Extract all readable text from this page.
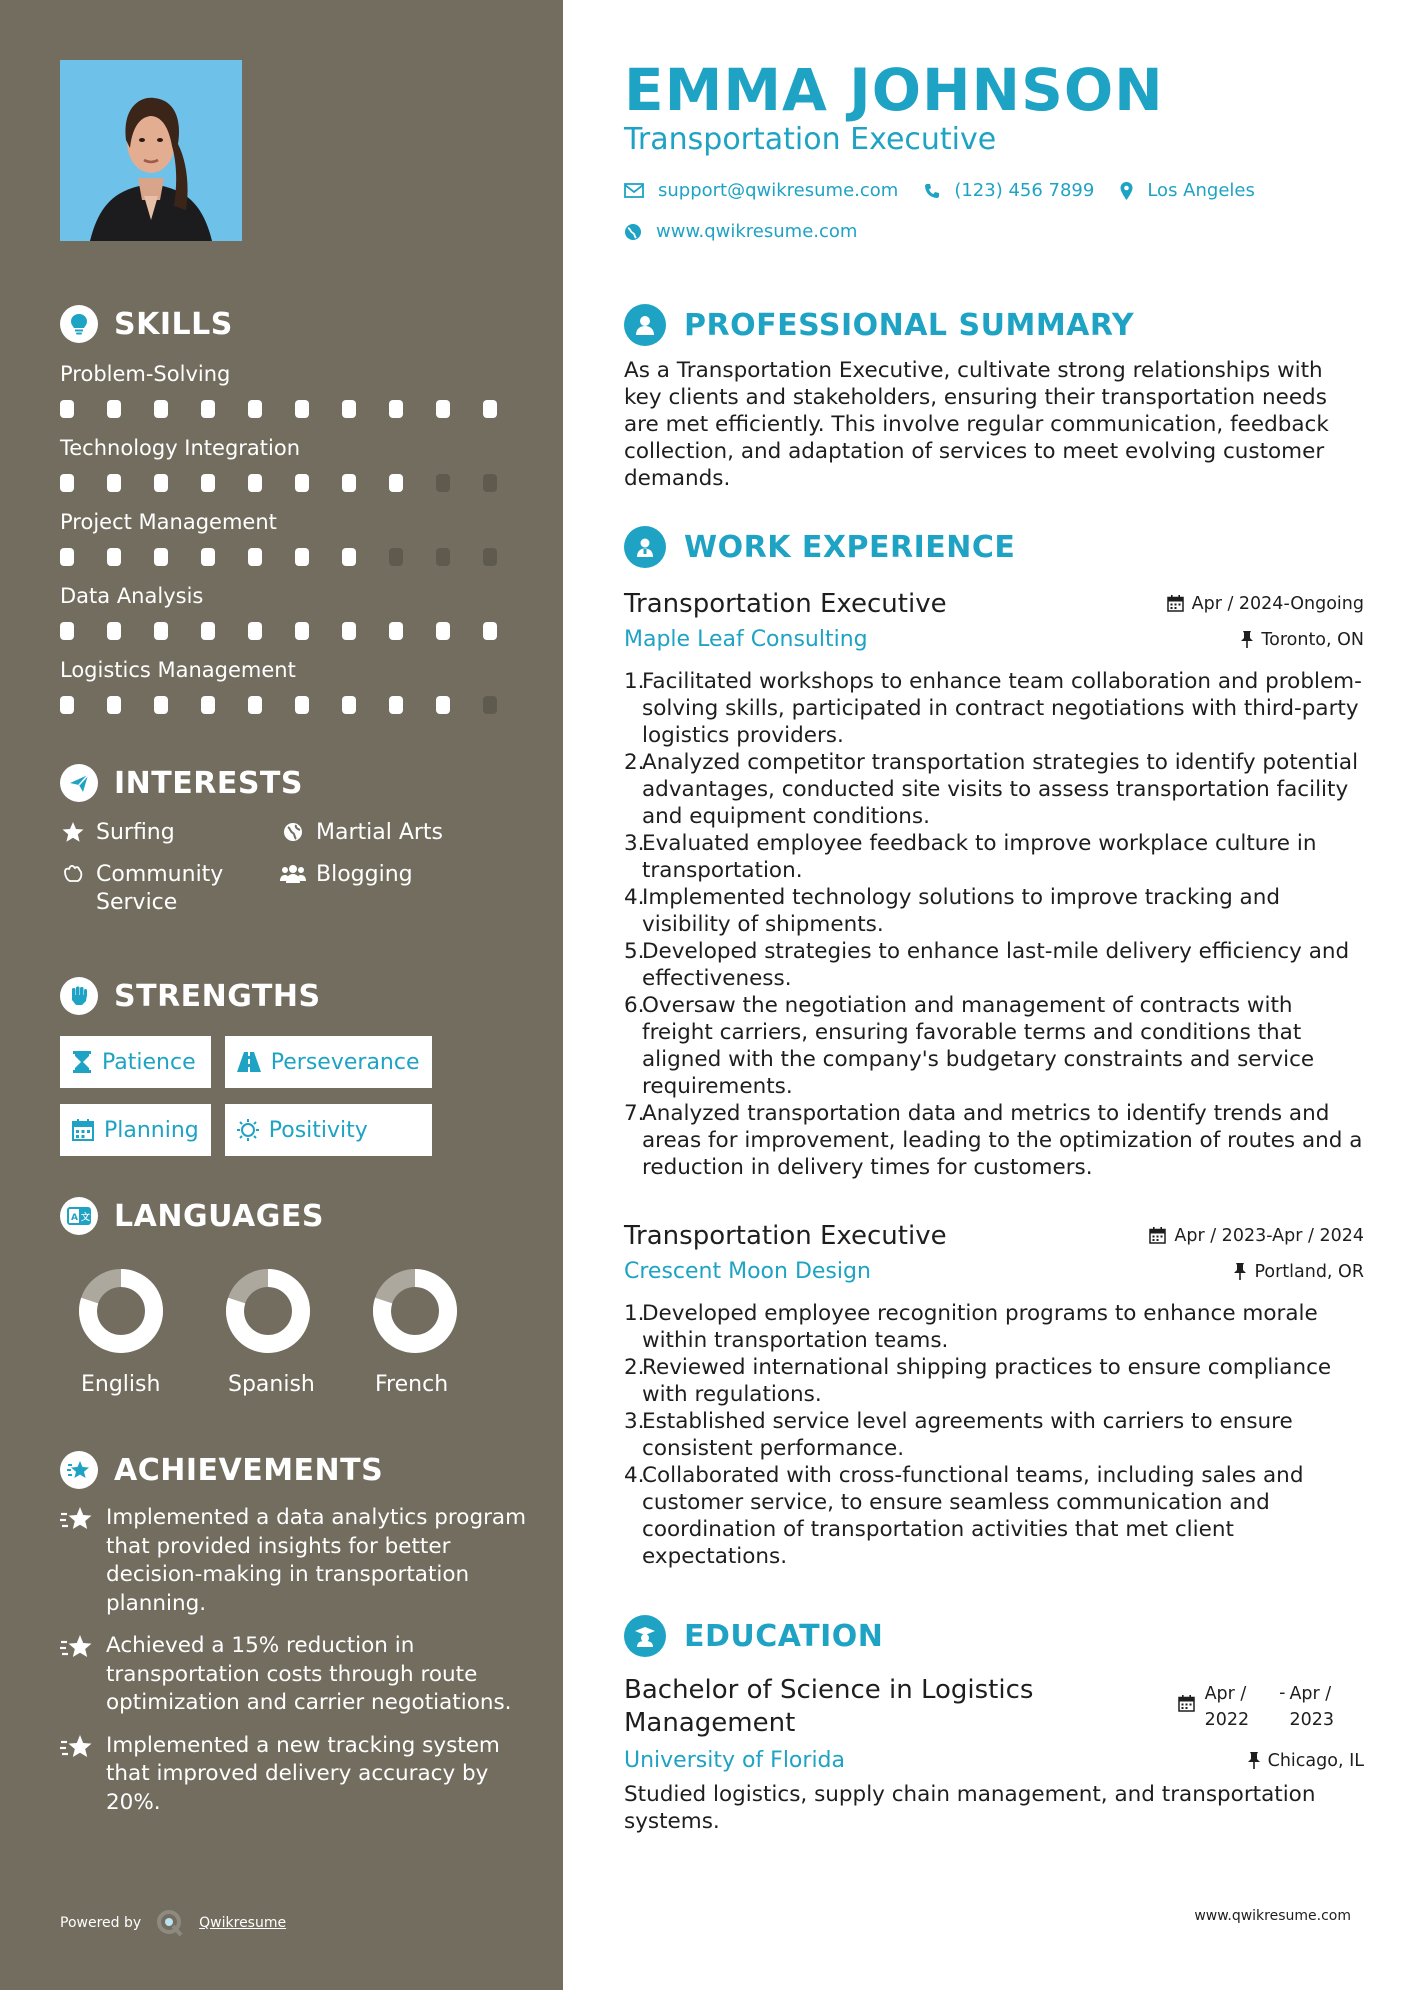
SKILLS
Problem-Solving
Technology Integration
Project Management
Data Analysis
Logistics Management
INTERESTS
Surfing	Martial Arts
Community Service
Blogging
STRENGTHS
Patience	Perseverance
Planning	Positivity
A 文 LANGUAGES
English	Spanish	French
ACHIEVEMENTS
Implemented a data analytics program that provided insights for better decision-making in transportation planning.
Achieved a 15% reduction in transportation costs through route optimization and carrier negotiations.
Implemented a new tracking system that improved delivery accuracy by 20%.
Powered by	Qwikresume
EMMA JOHNSON
Transportation Executive
support@qwikresume.com	(123) 456 7899	Los Angeles
www.qwikresume.com
PROFESSIONAL SUMMARY
As a Transportation Executive, cultivate strong relationships with key clients and stakeholders, ensuring their transportation needs are met efficiently. This involve regular communication, feedback collection, and adaptation of services to meet evolving customer demands.
WORK EXPERIENCE
Transportation Executive	Apr / 2024-Ongoing
Maple Leaf Consulting	Toronto, ON
1.
Facilitated workshops to enhance team collaboration and problem-solving skills, participated in contract negotiations with third-party logistics providers.
2.
Analyzed competitor transportation strategies to identify potential advantages, conducted site visits to assess transportation facility and equipment conditions.
3.
Evaluated employee feedback to improve workplace culture in transportation.
4.
Implemented technology solutions to improve tracking and visibility of shipments.
5.
Developed strategies to enhance last-mile delivery efficiency and effectiveness.
6.
Oversaw the negotiation and management of contracts with freight carriers, ensuring favorable terms and conditions that aligned with the company's budgetary constraints and service requirements.
7.
Analyzed transportation data and metrics to identify trends and areas for improvement, leading to the optimization of routes and a reduction in delivery times for customers.
Transportation Executive	Apr / 2023-Apr / 2024
Crescent Moon Design	Portland, OR
1.
Developed employee recognition programs to enhance morale within transportation teams.
2.
Reviewed international shipping practices to ensure compliance with regulations.
3.
Established service level agreements with carriers to ensure consistent performance.
4.
Collaborated with cross-functional teams, including sales and customer service, to ensure seamless communication and coordination of transportation activities that met client expectations.
EDUCATION
Bachelor of Science in Logistics Management
Apr /
2022
- Apr /
2023
University of Florida	Chicago, IL
Studied logistics, supply chain management, and transportation systems.
www.qwikresume.com
